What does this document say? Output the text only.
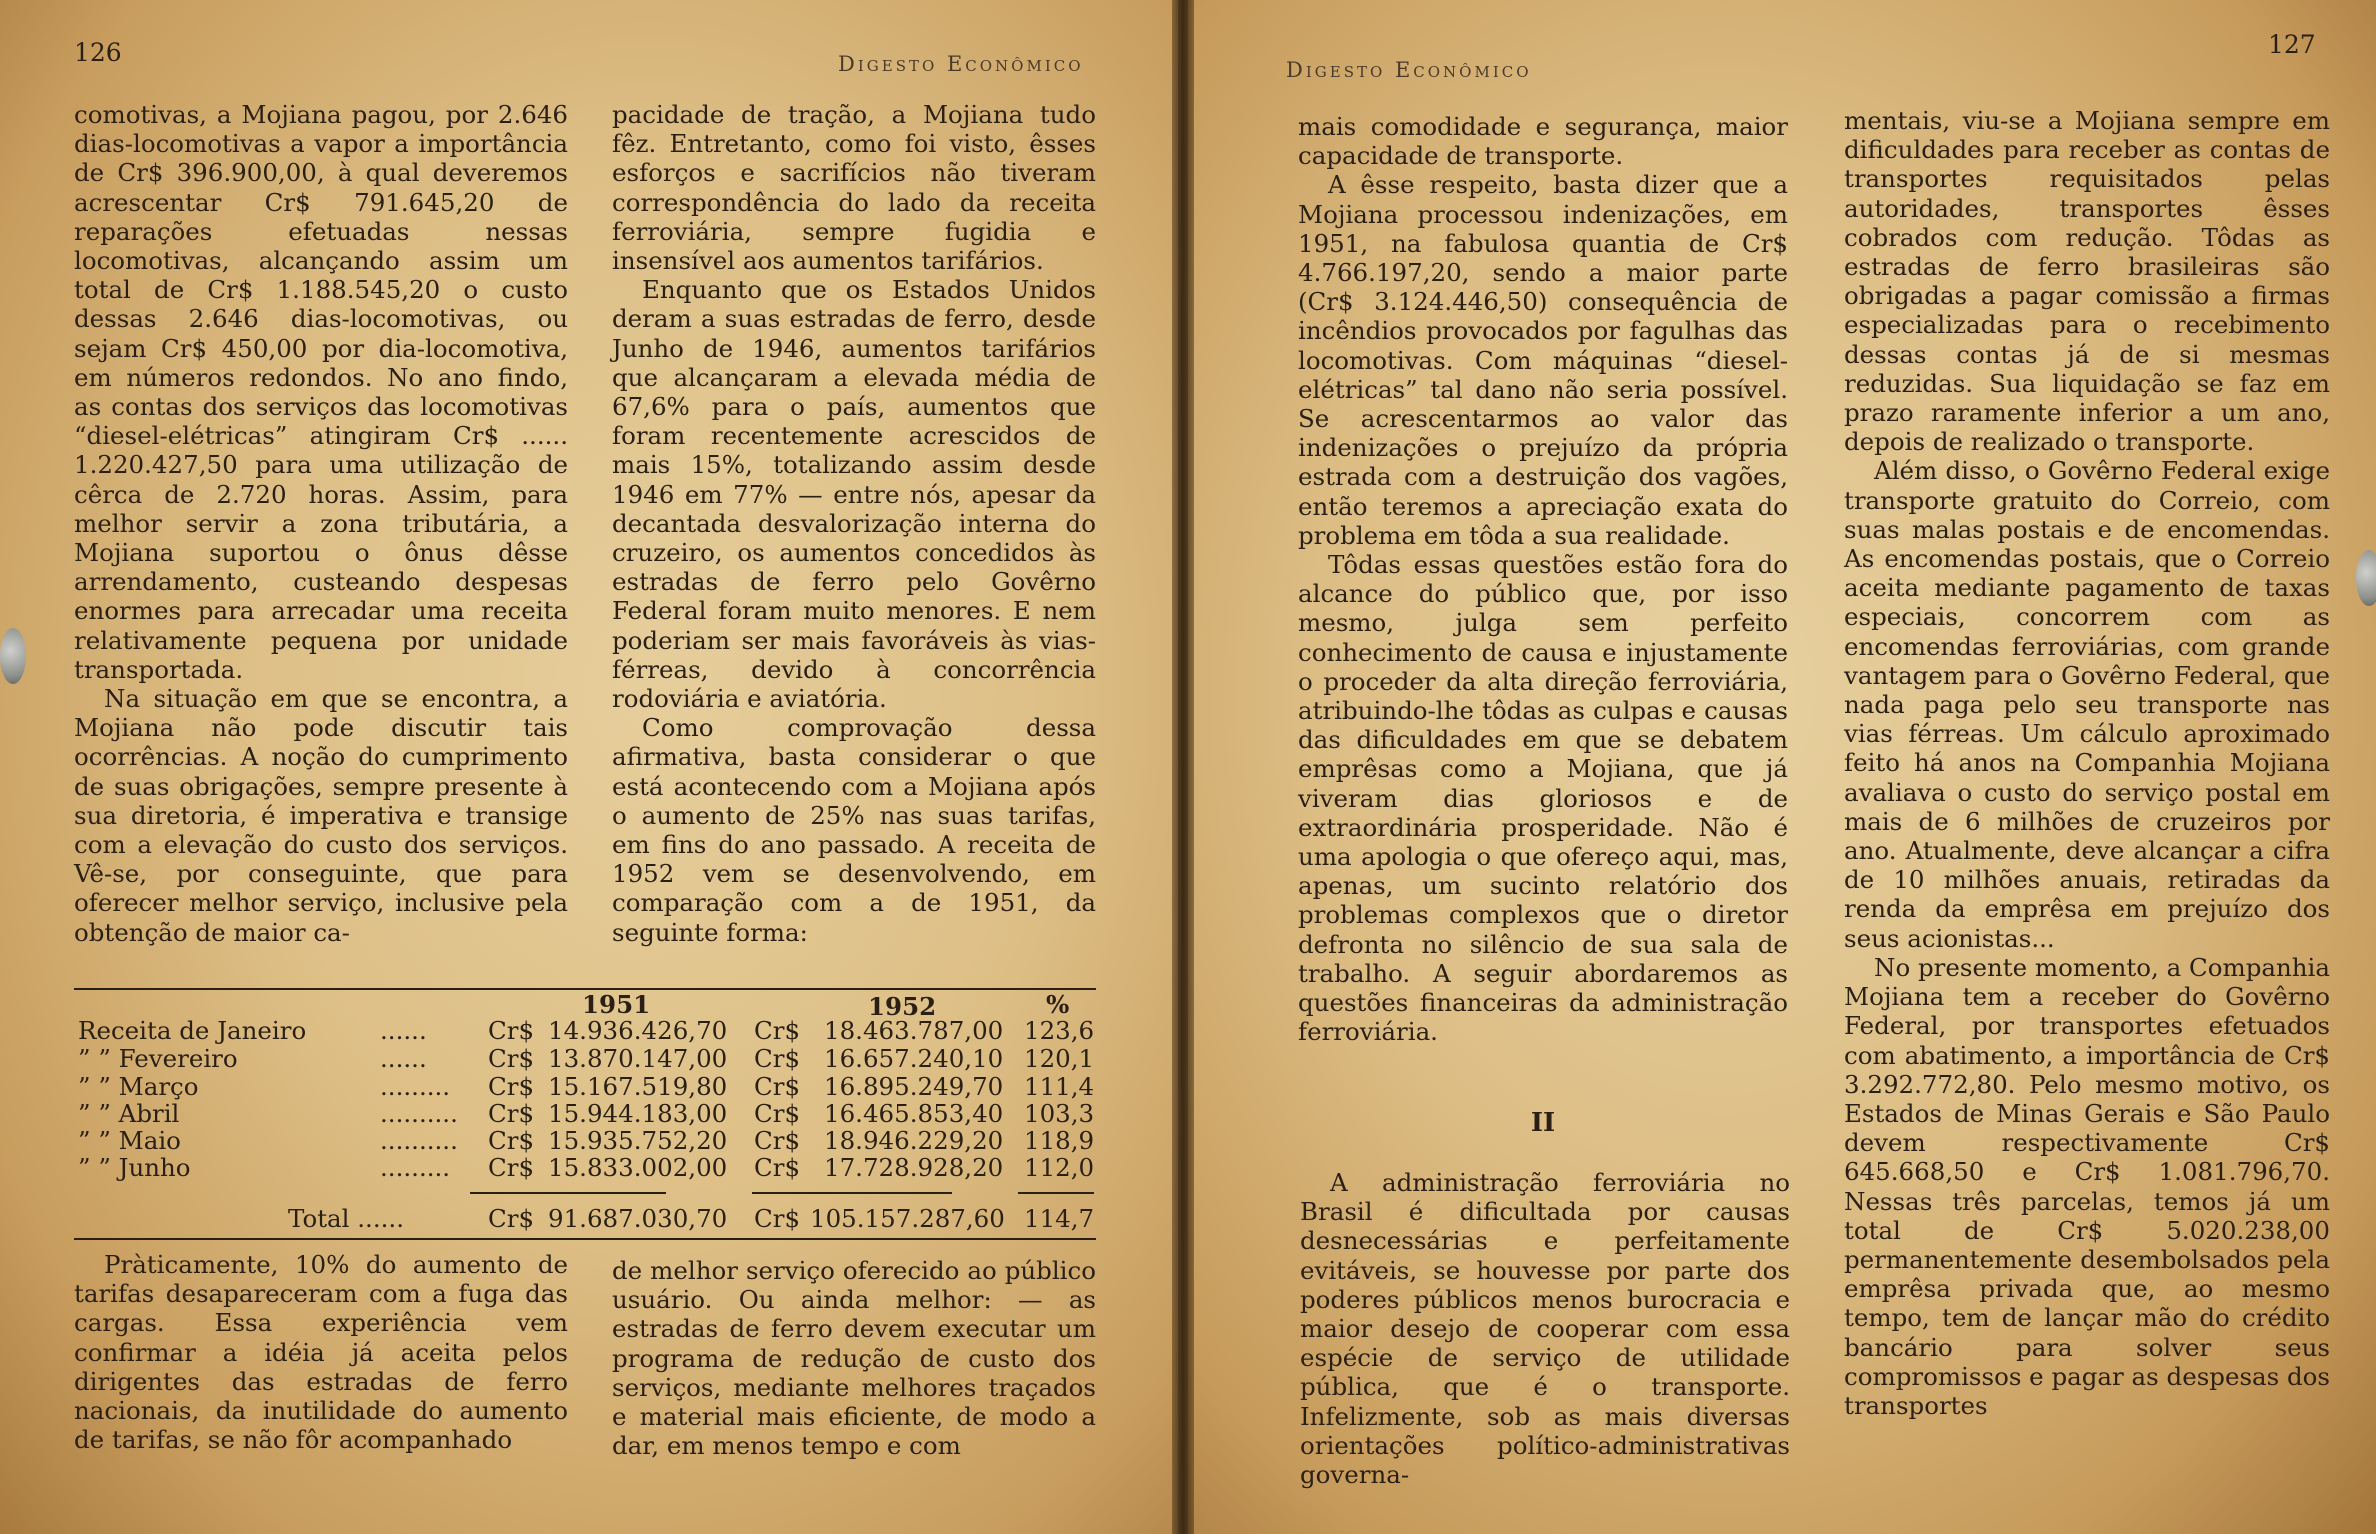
126	Digesto Econômico

comotivas, a Mojiana pagou, por 2.646 dias-locomotivas a vapor a importância de Cr$ 396.900,00, à qual deveremos acrescentar Cr$ 791.645,20 de reparações efetuadas nessas locomotivas, alcançando assim um total de Cr$ 1.188.545,20 o custo dessas 2.646 dias-locomotivas, ou sejam Cr$ 450,00 por dia-locomotiva, em números redondos. No ano findo, as contas dos serviços das locomotivas “diesel-elétricas” atingiram Cr$ ...... 1.220.427,50 para uma utilização de cêrca de 2.720 horas. Assim, para melhor servir a zona tributária, a Mojiana suportou o ônus dêsse arrendamento, custeando despesas enormes para arrecadar uma receita relativamente pequena por unidade transportada.

Na situação em que se encontra, a Mojiana não pode discutir tais ocorrências. A noção do cumprimento de suas obrigações, sempre presente à sua diretoria, é imperativa e transige com a elevação do custo dos serviços. Vê-se, por conseguinte, que para oferecer melhor serviço, inclusive pela obtenção de maior ca-

pacidade de tração, a Mojiana tudo fêz. Entretanto, como foi visto, êsses esforços e sacrifícios não tiveram correspondência do lado da receita ferroviária, sempre fugidia e insensível aos aumentos tarifários.

Enquanto que os Estados Unidos deram a suas estradas de ferro, desde Junho de 1946, aumentos tarifários que alcançaram a elevada média de 67,6% para o país, aumentos que foram recentemente acrescidos de mais 15%, totalizando assim desde 1946 em 77% — entre nós, apesar da decantada desvalorização interna do cruzeiro, os aumentos concedidos às estradas de ferro pelo Govêrno Federal foram muito menores. E nem poderiam ser mais favoráveis às vias-férreas, devido à concorrência rodoviária e aviatória.

Como comprovação dessa afirmativa, basta considerar o que está acontecendo com a Mojiana após o aumento de 25% nas suas tarifas, em fins do ano passado. A receita de 1952 vem se desenvolvendo, em comparação com a de 1951, da seguinte forma:

1951	1952	%
Receita de Janeiro	......	Cr$ 14.936.426,70 Cr$ 18.463.787,00 123,6
” ” Fevereiro	......	Cr$ 13.870.147,00 Cr$ 16.657.240,10 120,1
” ” Março	......... Cr$ 15.167.519,80 Cr$ 16.895.249,70 111,4
” ” Abril	.......... Cr$ 15.944.183,00 Cr$ 16.465.853,40 103,3
” ” Maio	.......... Cr$ 15.935.752,20 Cr$ 18.946.229,20 118,9
” ” Junho	......... Cr$ 15.833.002,00 Cr$ 17.728.928,20 112,0
Total ......	Cr$ 91.687.030,70 Cr$ 105.157.287,60 114,7

Pràticamente, 10% do aumento de tarifas desapareceram com a fuga das cargas. Essa experiência vem confirmar a idéia já aceita pelos dirigentes das estradas de ferro nacionais, da inutilidade do aumento de tarifas, se não fôr acompanhado

de melhor serviço oferecido ao público usuário. Ou ainda melhor: — as estradas de ferro devem executar um programa de redução de custo dos serviços, mediante melhores traçados e material mais eficiente, de modo a dar, em menos tempo e com

Digesto Econômico
127

mais comodidade e segurança, maior capacidade de transporte.

A êsse respeito, basta dizer que a Mojiana processou indenizações, em 1951, na fabulosa quantia de Cr$ 4.766.197,20, sendo a maior parte (Cr$ 3.124.446,50) consequência de incêndios provocados por fagulhas das locomotivas. Com máquinas “diesel-elétricas” tal dano não seria possível. Se acrescentarmos ao valor das indenizações o prejuízo da própria estrada com a destruição dos vagões, então teremos a apreciação exata do problema em tôda a sua realidade.

Tôdas essas questões estão fora do alcance do público que, por isso mesmo, julga sem perfeito conhecimento de causa e injustamente o proceder da alta direção ferroviária, atribuindo-lhe tôdas as culpas e causas das dificuldades em que se debatem emprêsas como a Mojiana, que já viveram dias gloriosos e de extraordinária prosperidade. Não é uma apologia o que ofereço aqui, mas, apenas, um sucinto relatório dos problemas complexos que o diretor defronta no silêncio de sua sala de trabalho. A seguir abordaremos as questões financeiras da administração ferroviária.

II

A administração ferroviária no Brasil é dificultada por causas desnecessárias e perfeitamente evitáveis, se houvesse por parte dos poderes públicos menos burocracia e maior desejo de cooperar com essa espécie de serviço de utilidade pública, que é o transporte. Infelizmente, sob as mais diversas orientações político-administrativas governa-

mentais, viu-se a Mojiana sempre em dificuldades para receber as contas de transportes requisitados pelas autoridades, transportes êsses cobrados com redução. Tôdas as estradas de ferro brasileiras são obrigadas a pagar comissão a firmas especializadas para o recebimento dessas contas já de si mesmas reduzidas. Sua liquidação se faz em prazo raramente inferior a um ano, depois de realizado o transporte.

Além disso, o Govêrno Federal exige transporte gratuito do Correio, com suas malas postais e de encomendas. As encomendas postais, que o Correio aceita mediante pagamento de taxas especiais, concorrem com as encomendas ferroviárias, com grande vantagem para o Govêrno Federal, que nada paga pelo seu transporte nas vias férreas. Um cálculo aproximado feito há anos na Companhia Mojiana avaliava o custo do serviço postal em mais de 6 milhões de cruzeiros por ano. Atualmente, deve alcançar a cifra de 10 milhões anuais, retiradas da renda da emprêsa em prejuízo dos seus acionistas...

No presente momento, a Companhia Mojiana tem a receber do Govêrno Federal, por transportes efetuados com abatimento, a importância de Cr$ 3.292.772,80. Pelo mesmo motivo, os Estados de Minas Gerais e São Paulo devem respectivamente Cr$ 645.668,50 e Cr$ 1.081.796,70. Nessas três parcelas, temos já um total de Cr$ 5.020.238,00 permanentemente desembolsados pela emprêsa privada que, ao mesmo tempo, tem de lançar mão do crédito bancário para solver seus compromissos e pagar as despesas dos transportes
